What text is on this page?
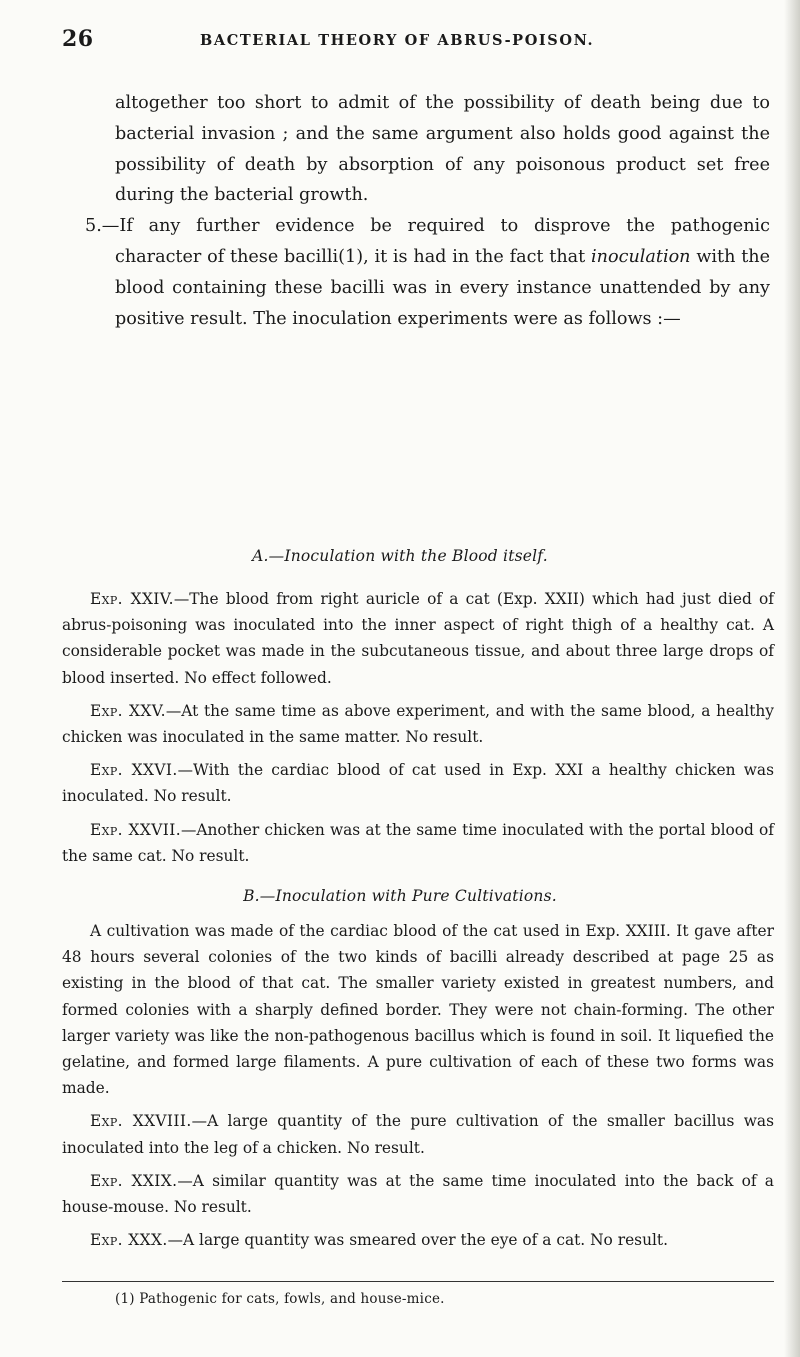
26	BACTERIAL THEORY OF ABRUS-POISON.

altogether too short to admit of the possibility of death being due to bacterial invasion ; and the same argument also holds good against the possibility of death by absorption of any poisonous product set free during the bacterial growth.

5.—If any further evidence be required to disprove the pathogenic character of these bacilli(1), it is had in the fact that inoculation with the blood containing these bacilli was in every instance unattended by any positive result. The inoculation experiments were as follows :—

A.—Inoculation with the Blood itself.

Exp. XXIV.—The blood from right auricle of a cat (Exp. XXII) which had just died of abrus-poisoning was inoculated into the inner aspect of right thigh of a healthy cat. A considerable pocket was made in the subcutaneous tissue, and about three large drops of blood inserted. No effect followed.

Exp. XXV.—At the same time as above experiment, and with the same blood, a healthy chicken was inoculated in the same matter. No result.

Exp. XXVI.—With the cardiac blood of cat used in Exp. XXI a healthy chicken was inoculated. No result.

Exp. XXVII.—Another chicken was at the same time inoculated with the portal blood of the same cat. No result.

B.—Inoculation with Pure Cultivations.

A cultivation was made of the cardiac blood of the cat used in Exp. XXIII. It gave after 48 hours several colonies of the two kinds of bacilli already described at page 25 as existing in the blood of that cat. The smaller variety existed in greatest numbers, and formed colonies with a sharply defined border. They were not chain-forming. The other larger variety was like the non-pathogenous bacillus which is found in soil. It liquefied the gelatine, and formed large filaments. A pure cultivation of each of these two forms was made.

Exp. XXVIII.—A large quantity of the pure cultivation of the smaller bacillus was inoculated into the leg of a chicken. No result.

Exp. XXIX.—A similar quantity was at the same time inoculated into the back of a house-mouse. No result.

Exp. XXX.—A large quantity was smeared over the eye of a cat. No result.

(1) Pathogenic for cats, fowls, and house-mice.
